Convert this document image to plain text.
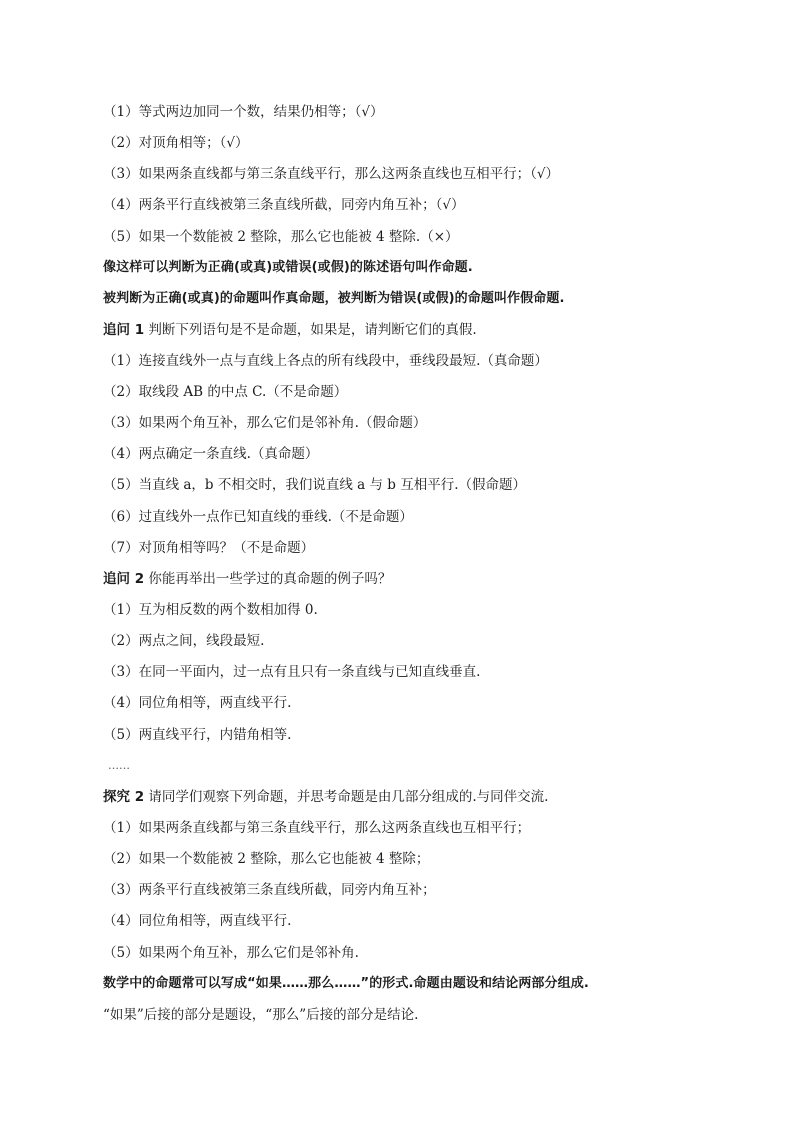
（1）等式两边加同一个数，结果仍相等；（√）
（2）对顶角相等；（√）
（3）如果两条直线都与第三条直线平行，那么这两条直线也互相平行；（√）
（4）两条平行直线被第三条直线所截，同旁内角互补；（√）
（5）如果一个数能被 2 整除，那么它也能被 4 整除.（×）
像这样可以判断为正确(或真)或错误(或假)的陈述语句叫作命题.
被判断为正确(或真)的命题叫作真命题，被判断为错误(或假)的命题叫作假命题.
追问 1 判断下列语句是不是命题，如果是，请判断它们的真假.
（1）连接直线外一点与直线上各点的所有线段中，垂线段最短.（真命题）
（2）取线段 AB 的中点 C.（不是命题）
（3）如果两个角互补，那么它们是邻补角.（假命题）
（4）两点确定一条直线.（真命题）
（5）当直线 a，b 不相交时，我们说直线 a 与 b 互相平行.（假命题）
（6）过直线外一点作已知直线的垂线.（不是命题）
（7）对顶角相等吗？（不是命题）
追问 2 你能再举出一些学过的真命题的例子吗？
（1）互为相反数的两个数相加得 0.
（2）两点之间，线段最短.
（3）在同一平面内，过一点有且只有一条直线与已知直线垂直.
（4）同位角相等，两直线平行.
（5）两直线平行，内错角相等.
……
探究 2 请同学们观察下列命题，并思考命题是由几部分组成的.与同伴交流.
（1）如果两条直线都与第三条直线平行，那么这两条直线也互相平行；
（2）如果一个数能被 2 整除，那么它也能被 4 整除；
（3）两条平行直线被第三条直线所截，同旁内角互补；
（4）同位角相等，两直线平行.
（5）如果两个角互补，那么它们是邻补角.
数学中的命题常可以写成“如果……那么……”的形式.命题由题设和结论两部分组成.
“如果”后接的部分是题设，“那么”后接的部分是结论.
